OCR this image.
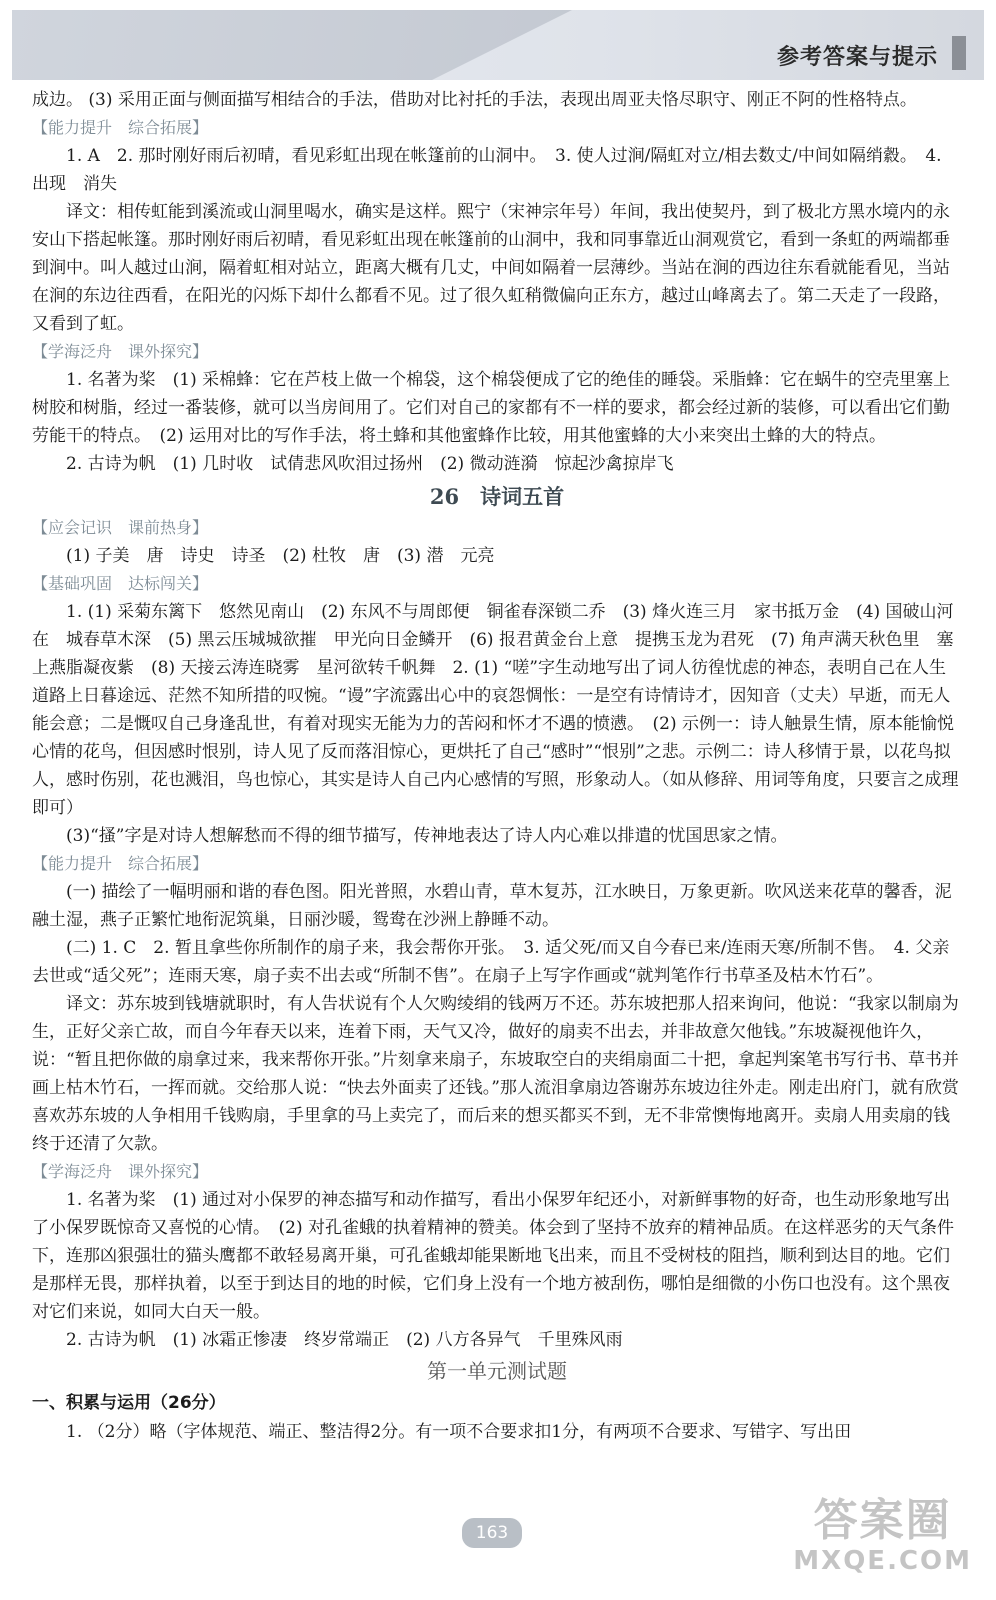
参考答案与提示

成边。 (3) 采用正面与侧面描写相结合的手法，借助对比衬托的手法，表现出周亚夫恪尽职守、刚正不阿的性格特点。

【能力提升　综合拓展】

1. A　2. 那时刚好雨后初晴，看见彩虹出现在帐篷前的山洞中。　3. 使人过涧/隔虹对立/相去数丈/中间如隔绡縠。　4. 出现　消失

译文：相传虹能到溪流或山洞里喝水，确实是这样。熙宁（宋神宗年号）年间，我出使契丹，到了极北方黑水境内的永安山下搭起帐篷。那时刚好雨后初晴，看见彩虹出现在帐篷前的山洞中，我和同事靠近山洞观赏它，看到一条虹的两端都垂到涧中。叫人越过山涧，隔着虹相对站立，距离大概有几丈，中间如隔着一层薄纱。当站在涧的西边往东看就能看见，当站在涧的东边往西看，在阳光的闪烁下却什么都看不见。过了很久虹稍微偏向正东方，越过山峰离去了。第二天走了一段路，又看到了虹。

【学海泛舟　课外探究】

1. 名著为桨　(1) 采棉蜂：它在芦枝上做一个棉袋，这个棉袋便成了它的绝佳的睡袋。采脂蜂：它在蜗牛的空壳里塞上树胶和树脂，经过一番装修，就可以当房间用了。它们对自己的家都有不一样的要求，都会经过新的装修，可以看出它们勤劳能干的特点。　(2) 运用对比的写作手法，将土蜂和其他蜜蜂作比较，用其他蜜蜂的大小来突出土蜂的大的特点。

2. 古诗为帆　(1) 几时收　试倩悲风吹泪过扬州　(2) 微动涟漪　惊起沙禽掠岸飞

26　诗词五首

【应会记识　课前热身】

(1) 子美　唐　诗史　诗圣　(2) 杜牧　唐　(3) 潜　元亮

【基础巩固　达标闯关】

1. (1) 采菊东篱下　悠然见南山　(2) 东风不与周郎便　铜雀春深锁二乔　(3) 烽火连三月　家书抵万金　(4) 国破山河在　城春草木深　(5) 黑云压城城欲摧　甲光向日金鳞开　(6) 报君黄金台上意　提携玉龙为君死　(7) 角声满天秋色里　塞上燕脂凝夜紫　(8) 天接云涛连晓雾　星河欲转千帆舞　2. (1) “嗟”字生动地写出了词人彷徨忧虑的神态，表明自己在人生道路上日暮途远、茫然不知所措的叹惋。“谩”字流露出心中的哀怨惆怅：一是空有诗情诗才，因知音（丈夫）早逝，而无人能会意；二是慨叹自己身逢乱世，有着对现实无能为力的苦闷和怀才不遇的愤懑。　(2) 示例一：诗人触景生情，原本能愉悦心情的花鸟，但因感时恨别，诗人见了反而落泪惊心，更烘托了自己“感时”“恨别”之悲。示例二：诗人移情于景，以花鸟拟人，感时伤别，花也溅泪，鸟也惊心，其实是诗人自己内心感情的写照，形象动人。（如从修辞、用词等角度，只要言之成理即可）

(3)“搔”字是对诗人想解愁而不得的细节描写，传神地表达了诗人内心难以排遣的忧国思家之情。

【能力提升　综合拓展】

(一) 描绘了一幅明丽和谐的春色图。阳光普照，水碧山青，草木复苏，江水映日，万象更新。吹风送来花草的馨香，泥融土湿，燕子正繁忙地衔泥筑巢，日丽沙暖，鸳鸯在沙洲上静睡不动。

(二) 1. C　2. 暂且拿些你所制作的扇子来，我会帮你开张。　3. 适父死/而又自今春已来/连雨天寒/所制不售。　4. 父亲去世或“适父死”；连雨天寒，扇子卖不出去或“所制不售”。在扇子上写字作画或“就判笔作行书草圣及枯木竹石”。

译文：苏东坡到钱塘就职时，有人告状说有个人欠购绫绢的钱两万不还。苏东坡把那人招来询问，他说：“我家以制扇为生，正好父亲亡故，而自今年春天以来，连着下雨，天气又冷，做好的扇卖不出去，并非故意欠他钱。”东坡凝视他许久，说：“暂且把你做的扇拿过来，我来帮你开张。”片刻拿来扇子，东坡取空白的夹绢扇面二十把，拿起判案笔书写行书、草书并画上枯木竹石，一挥而就。交给那人说：“快去外面卖了还钱。”那人流泪拿扇边答谢苏东坡边往外走。刚走出府门，就有欣赏喜欢苏东坡的人争相用千钱购扇，手里拿的马上卖完了，而后来的想买都买不到，无不非常懊悔地离开。卖扇人用卖扇的钱终于还清了欠款。

【学海泛舟　课外探究】

1. 名著为桨　(1) 通过对小保罗的神态描写和动作描写，看出小保罗年纪还小，对新鲜事物的好奇，也生动形象地写出了小保罗既惊奇又喜悦的心情。　(2) 对孔雀蛾的执着精神的赞美。体会到了坚持不放弃的精神品质。在这样恶劣的天气条件下，连那凶狠强壮的猫头鹰都不敢轻易离开巢，可孔雀蛾却能果断地飞出来，而且不受树枝的阻挡，顺利到达目的地。它们是那样无畏，那样执着，以至于到达目的地的时候，它们身上没有一个地方被刮伤，哪怕是细微的小伤口也没有。这个黑夜对它们来说，如同大白天一般。

2. 古诗为帆　(1) 冰霜正惨凄　终岁常端正　(2) 八方各异气　千里殊风雨

第一单元测试题

一、积累与运用（26分）

1. （2分）略（字体规范、端正、整洁得2分。有一项不合要求扣1分，有两项不合要求、写错字、写出田

163	答案圈
MXQE.COM
